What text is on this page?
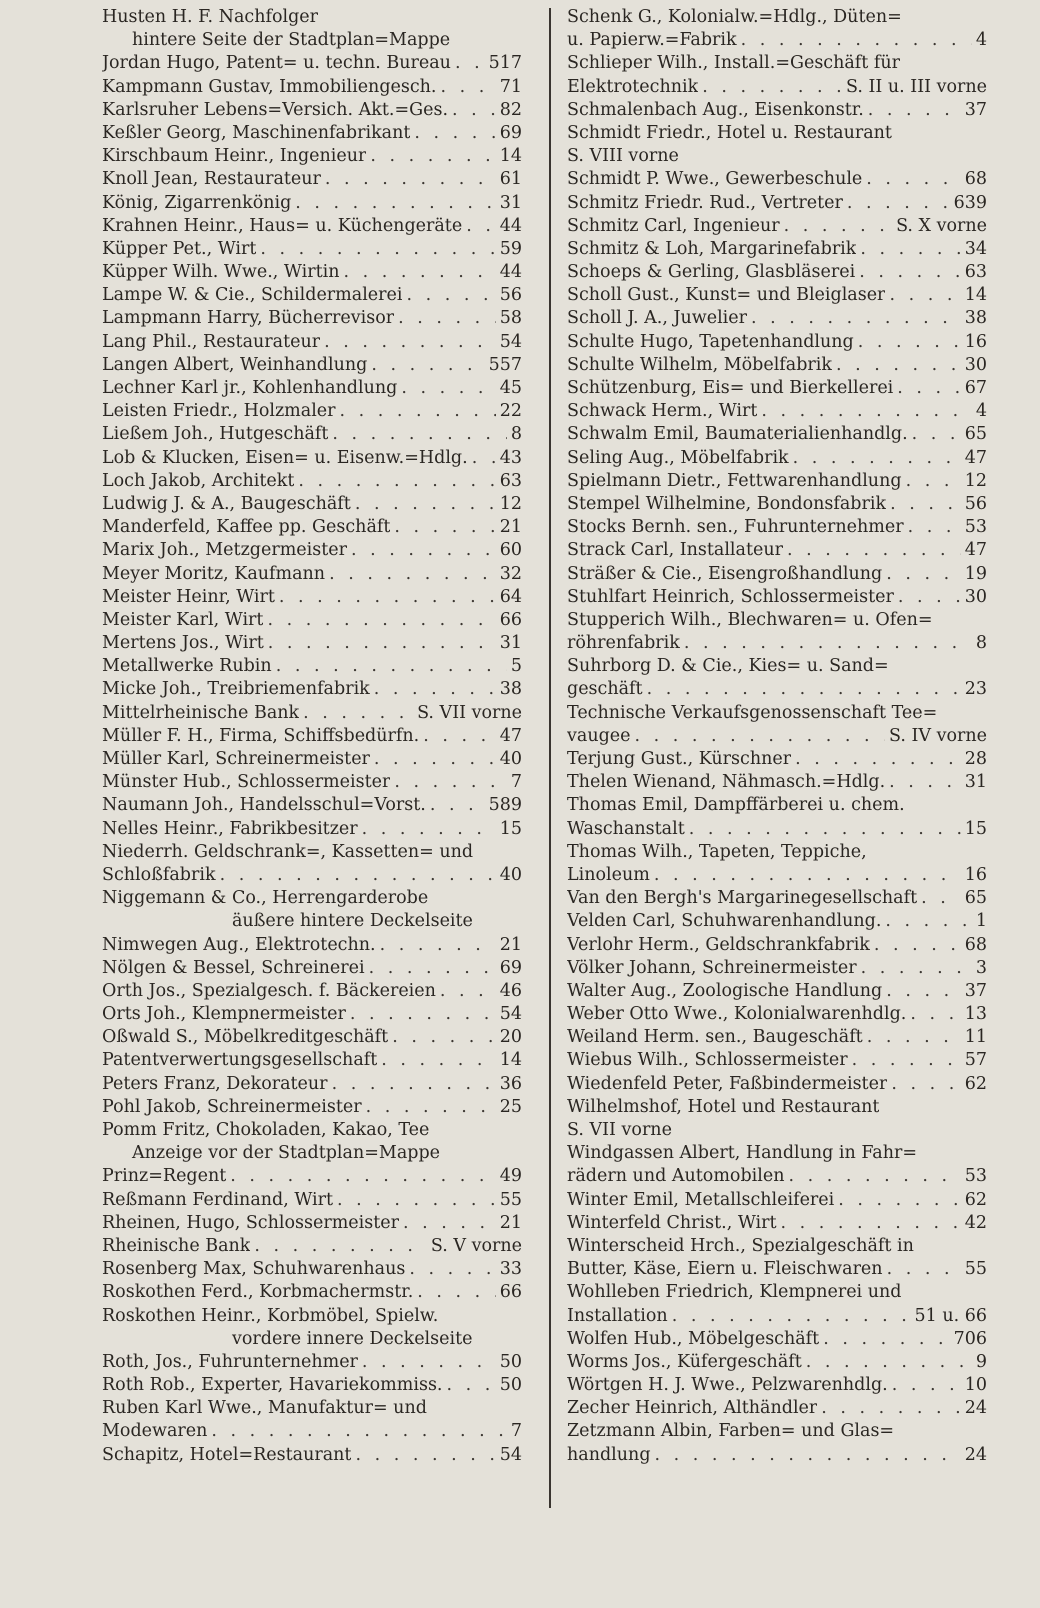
Husten H. F. Nachfolger
hintere Seite der Stadtplan=Mappe
Jordan Hugo, Patent= u. techn. Bureau . . . 517
Kampmann Gustav, Immobiliengesch. . . .	71
Karlsruher Lebens=Versich. Akt.=Ges. . . .	82
Keßler Georg, Maschinenfabrikant . . .	69
Kirschbaum Heinr., Ingenieur . . .	14
Knoll Jean, Restaurateur . . .	61
König, Zigarrenkönig . . .	31
Krahnen Heinr., Haus= u. Küchengeräte . . . 44
Küpper Pet., Wirt . . .	59
Küpper Wilh. Wwe., Wirtin . . .	44
Lampe W. & Cie., Schildermalerei . . .	56
Lampmann Harry, Bücherrevisor . . .	58
Lang Phil., Restaurateur . . .	54
Langen Albert, Weinhandlung . . .	557
Lechner Karl jr., Kohlenhandlung . . .	45
Leisten Friedr., Holzmaler . . .	22
Ließem Joh., Hutgeschäft . . .	8
Lob & Klucken, Eisen= u. Eisenw.=Hdlg. . . . 43
Loch Jakob, Architekt . . .	63
Ludwig J. & A., Baugeschäft . . .	12
Manderfeld, Kaffee pp. Geschäft . . .	21
Marix Joh., Metzgermeister . . .	60
Meyer Moritz, Kaufmann . . .	32
Meister Heinr, Wirt . . .	64
Meister Karl, Wirt . . .	66
Mertens Jos., Wirt . . .	31
Metallwerke Rubin . . .	5
Micke Joh., Treibriemenfabrik . . .	38
Mittelrheinische Bank . . .	S. VII vorne
Müller F. H., Firma, Schiffsbedürfn. . . .	47
Müller Karl, Schreinermeister . . .	40
Münster Hub., Schlossermeister . . .	7
Naumann Joh., Handelsschul=Vorst. . . .	589
Nelles Heinr., Fabrikbesitzer . . .	15
Niederrh. Geldschrank=, Kassetten= und
Schloßfabrik . . .	40
Niggemann & Co., Herrengarderobe
äußere hintere Deckelseite
Nimwegen Aug., Elektrotechn. . . .	21
Nölgen & Bessel, Schreinerei . . .	69
Orth Jos., Spezialgesch. f. Bäckereien . . .	46
Orts Joh., Klempnermeister . . .	54
Oßwald S., Möbelkreditgeschäft . . .	20
Patentverwertungsgesellschaft . . .	14
Peters Franz, Dekorateur . . .	36
Pohl Jakob, Schreinermeister . . .	25
Pomm Fritz, Chokoladen, Kakao, Tee
Anzeige vor der Stadtplan=Mappe
Prinz=Regent . . .	49
Reßmann Ferdinand, Wirt . . .	55
Rheinen, Hugo, Schlossermeister . . .	21
Rheinische Bank . . .	S. V vorne
Rosenberg Max, Schuhwarenhaus . . .	33
Roskothen Ferd., Korbmachermstr. . . .	66
Roskothen Heinr., Korbmöbel, Spielw.
vordere innere Deckelseite
Roth, Jos., Fuhrunternehmer . . .	50
Roth Rob., Experter, Havariekommiss. . . .	50
Ruben Karl Wwe., Manufaktur= und
Modewaren . . .	7
Schapitz, Hotel=Restaurant . . .	54
Schenk G., Kolonialw.=Hdlg., Düten=
u. Papierw.=Fabrik . . .	4
Schlieper Wilh., Install.=Geschäft für
Elektrotechnik . . .	S. II u. III vorne
Schmalenbach Aug., Eisenkonstr. . . .	37
Schmidt Friedr., Hotel u. Restaurant
S. VIII vorne
Schmidt P. Wwe., Gewerbeschule . . .	68
Schmitz Friedr. Rud., Vertreter . . .	639
Schmitz Carl, Ingenieur . . .	S. X vorne
Schmitz & Loh, Margarinefabrik . . .	34
Schoeps & Gerling, Glasbläserei . . .	63
Scholl Gust., Kunst= und Bleiglaser . . .	14
Scholl J. A., Juwelier . . .	38
Schulte Hugo, Tapetenhandlung . . .	16
Schulte Wilhelm, Möbelfabrik . . .	30
Schützenburg, Eis= und Bierkellerei . . .	67
Schwack Herm., Wirt . . .	4
Schwalm Emil, Baumaterialienhandlg. . . .	65
Seling Aug., Möbelfabrik . . .	47
Spielmann Dietr., Fettwarenhandlung . . .	12
Stempel Wilhelmine, Bondonsfabrik . . .	56
Stocks Bernh. sen., Fuhrunternehmer . . .	53
Strack Carl, Installateur . . .	47
Sträßer & Cie., Eisengroßhandlung . . .	19
Stuhlfart Heinrich, Schlossermeister . . .	30
Stupperich Wilh., Blechwaren= u. Ofen=
röhrenfabrik . . .	8
Suhrborg D. & Cie., Kies= u. Sand=
geschäft . . .	23
Technische Verkaufsgenossenschaft Tee=
vaugee . . .	S. IV vorne
Terjung Gust., Kürschner . . .	28
Thelen Wienand, Nähmasch.=Hdlg. . . .	31
Thomas Emil, Dampffärberei u. chem.
Waschanstalt . . .	15
Thomas Wilh., Tapeten, Teppiche,
Linoleum . . .	16
Van den Bergh's Margarinegesellschaft . . .	65
Velden Carl, Schuhwarenhandlung. . . .	1
Verlohr Herm., Geldschrankfabrik . . .	68
Völker Johann, Schreinermeister . . .	3
Walter Aug., Zoologische Handlung . . .	37
Weber Otto Wwe., Kolonialwarenhdlg. . . .	13
Weiland Herm. sen., Baugeschäft . . .	11
Wiebus Wilh., Schlossermeister . . .	57
Wiedenfeld Peter, Faßbindermeister . . .	62
Wilhelmshof, Hotel und Restaurant
S. VII vorne
Windgassen Albert, Handlung in Fahr=
rädern und Automobilen . . .	53
Winter Emil, Metallschleiferei . . .	62
Winterfeld Christ., Wirt . . .	42
Winterscheid Hrch., Spezialgeschäft in
Butter, Käse, Eiern u. Fleischwaren . . .	55
Wohlleben Friedrich, Klempnerei und
Installation . . .	51 u. 66
Wolfen Hub., Möbelgeschäft . . .	706
Worms Jos., Küfergeschäft . . .	9
Wörtgen H. J. Wwe., Pelzwarenhdlg. . . .	10
Zecher Heinrich, Althändler . . .	24
Zetzmann Albin, Farben= und Glas=
handlung . . .	24
